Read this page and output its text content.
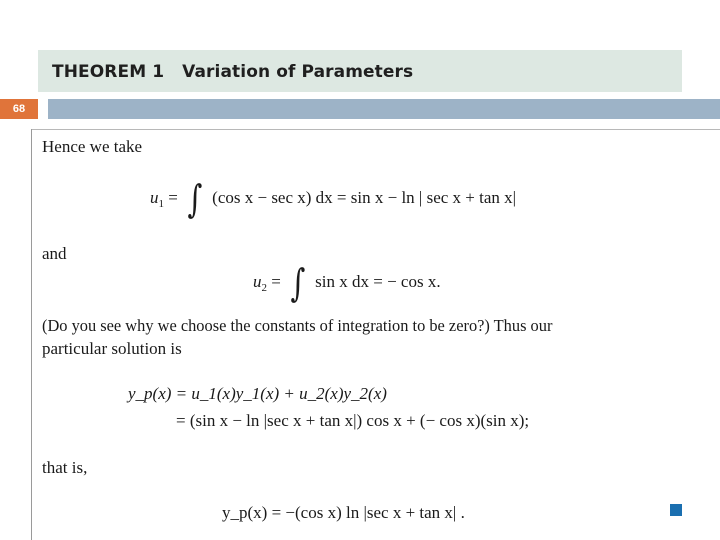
THEOREM 1 Variation of Parameters
68
Hence we take
$u_1$ = ∫ (cos x − sec x) dx = sin x − ln | sec x + tan x|
and
$u_2$ = ∫ sin x dx = − cos x.
(Do you see why we choose the constants of integration to be zero?) Thus our
particular solution is
y_p(x) = u_1(x)y_1(x) + u_2(x)y_2(x)
= (sin x − ln |sec x + tan x|) cos x + (− cos x)(sin x);
that is,
y_p(x) = −(cos x) ln |sec x + tan x| .
